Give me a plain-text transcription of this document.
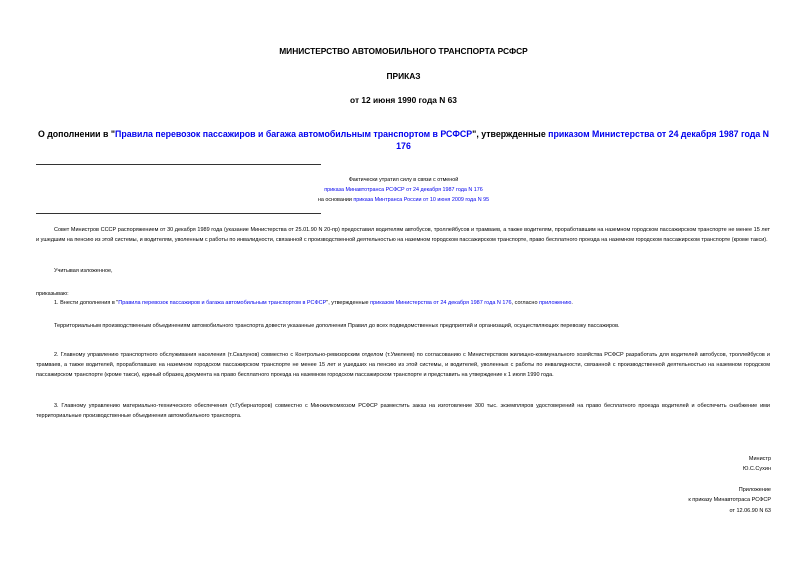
МИНИСТЕРСТВО АВТОМОБИЛЬНОГО ТРАНСПОРТА РСФСР
ПРИКАЗ
от 12 июня 1990 года N 63
О дополнении в "Правила перевозок пассажиров и багажа автомобильным транспортом в РСФСР", утвержденные приказом Министерства от 24 декабря 1987 года N 176
Фактически утратил силу в связи с отменой
приказа Минавтотранса РСФСР от 24 декабря 1987 года N 176
на основании приказа Минтранса России от 10 июня 2009 года N 95

Совет Министров СССР распоряжением от 30 декабря 1989 года (указание Министерства от 25.01.90 N 20-пр) предоставил водителям автобусов, троллейбусов и трамваев, а также водителям, проработавшим на наземном городском пассажирском транспорте не менее 15 лет и ушедшим на пенсию из этой системы, и водителям, уволенным с работы по инвалидности, связанной с производственной деятельностью на наземном городском пассажирском транспорте, право бесплатного проезда на наземном городском пассажирском транспорте (кроме такси).

Учитывая изложенное,

приказываю:

1. Внести дополнения в "Правила перевозок пассажиров и багажа автомобильным транспортом в РСФСР", утвержденные приказом Министерства от 24 декабря 1987 года N 176, согласно приложению.

Территориальным производственным объединениям автомобильного транспорта довести указанные дополнения Правил до всех подведомственных предприятий и организаций, осуществляющих перевозку пассажиров.

2. Главному управлению транспортного обслуживания населения (т.Скалунов) совместно с Контрольно-ревизорским отделом (т.Умелеев) по согласованию с Министерством жилищно-коммунального хозяйства РСФСР разработать для водителей автобусов, троллейбусов и трамваев, а также водителей, проработавших на наземном городском пассажирском транспорте не менее 15 лет и ушедших на пенсию из этой системы, и водителей, уволенных с работы по инвалидности, связанной с производственной деятельностью на наземном городском пассажирском транспорте (кроме такси), единый образец документа на право бесплатного проезда на наземном городском пассажирском транспорте и представить на утверждение к 1 июля 1990 года.

3. Главному управлению материально-технического обеспечения (т.Губернаторов) совместно с Минжилкомхозом РСФСР разместить заказ на изготовление 300 тыс. экземпляров удостоверений на право бесплатного проезда водителей и обеспечить снабжение ими территориальные производственные объединения автомобильного транспорта.

Министр
Ю.С.Сухин
Приложение
к приказу Минавтотраса РСФСР
от 12.06.90 N 63
